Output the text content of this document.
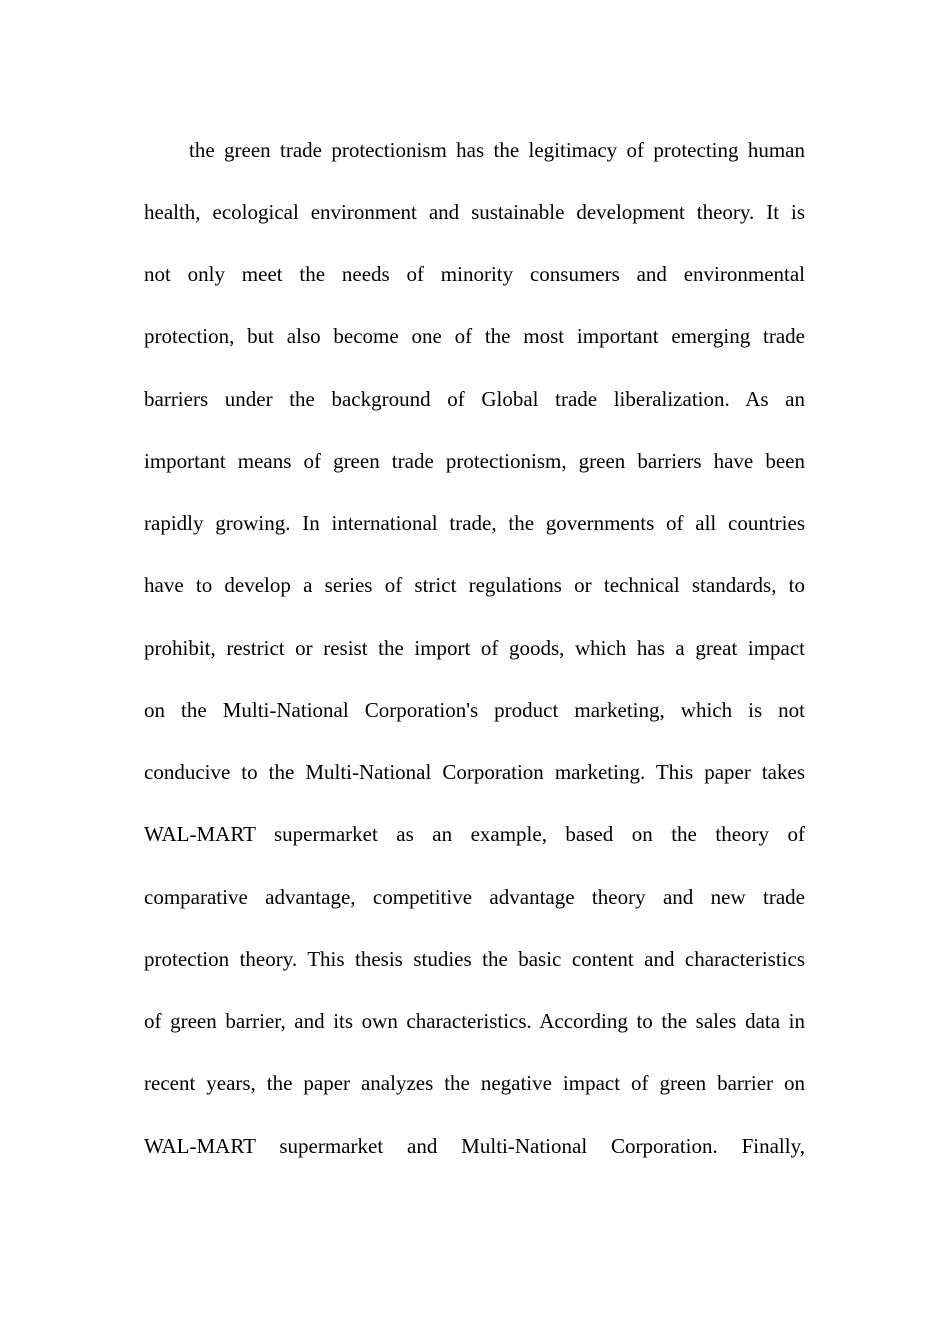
the green trade protectionism has the legitimacy of protecting human
health, ecological environment and sustainable development theory. It is
not only meet the needs of minority consumers and environmental
protection, but also become one of the most important emerging trade
barriers under the background of Global trade liberalization. As an
important means of green trade protectionism, green barriers have been
rapidly growing. In international trade, the governments of all countries
have to develop a series of strict regulations or technical standards, to
prohibit, restrict or resist the import of goods, which has a great impact
on the Multi-National Corporation's product marketing, which is not
conducive to the Multi-National Corporation marketing. This paper takes
WAL-MART supermarket as an example, based on the theory of
comparative advantage, competitive advantage theory and new trade
protection theory. This thesis studies the basic content and characteristics
of green barrier, and its own characteristics. According to the sales data in
recent years, the paper analyzes the negative impact of green barrier on
WAL-MART supermarket and Multi-National Corporation. Finally,
